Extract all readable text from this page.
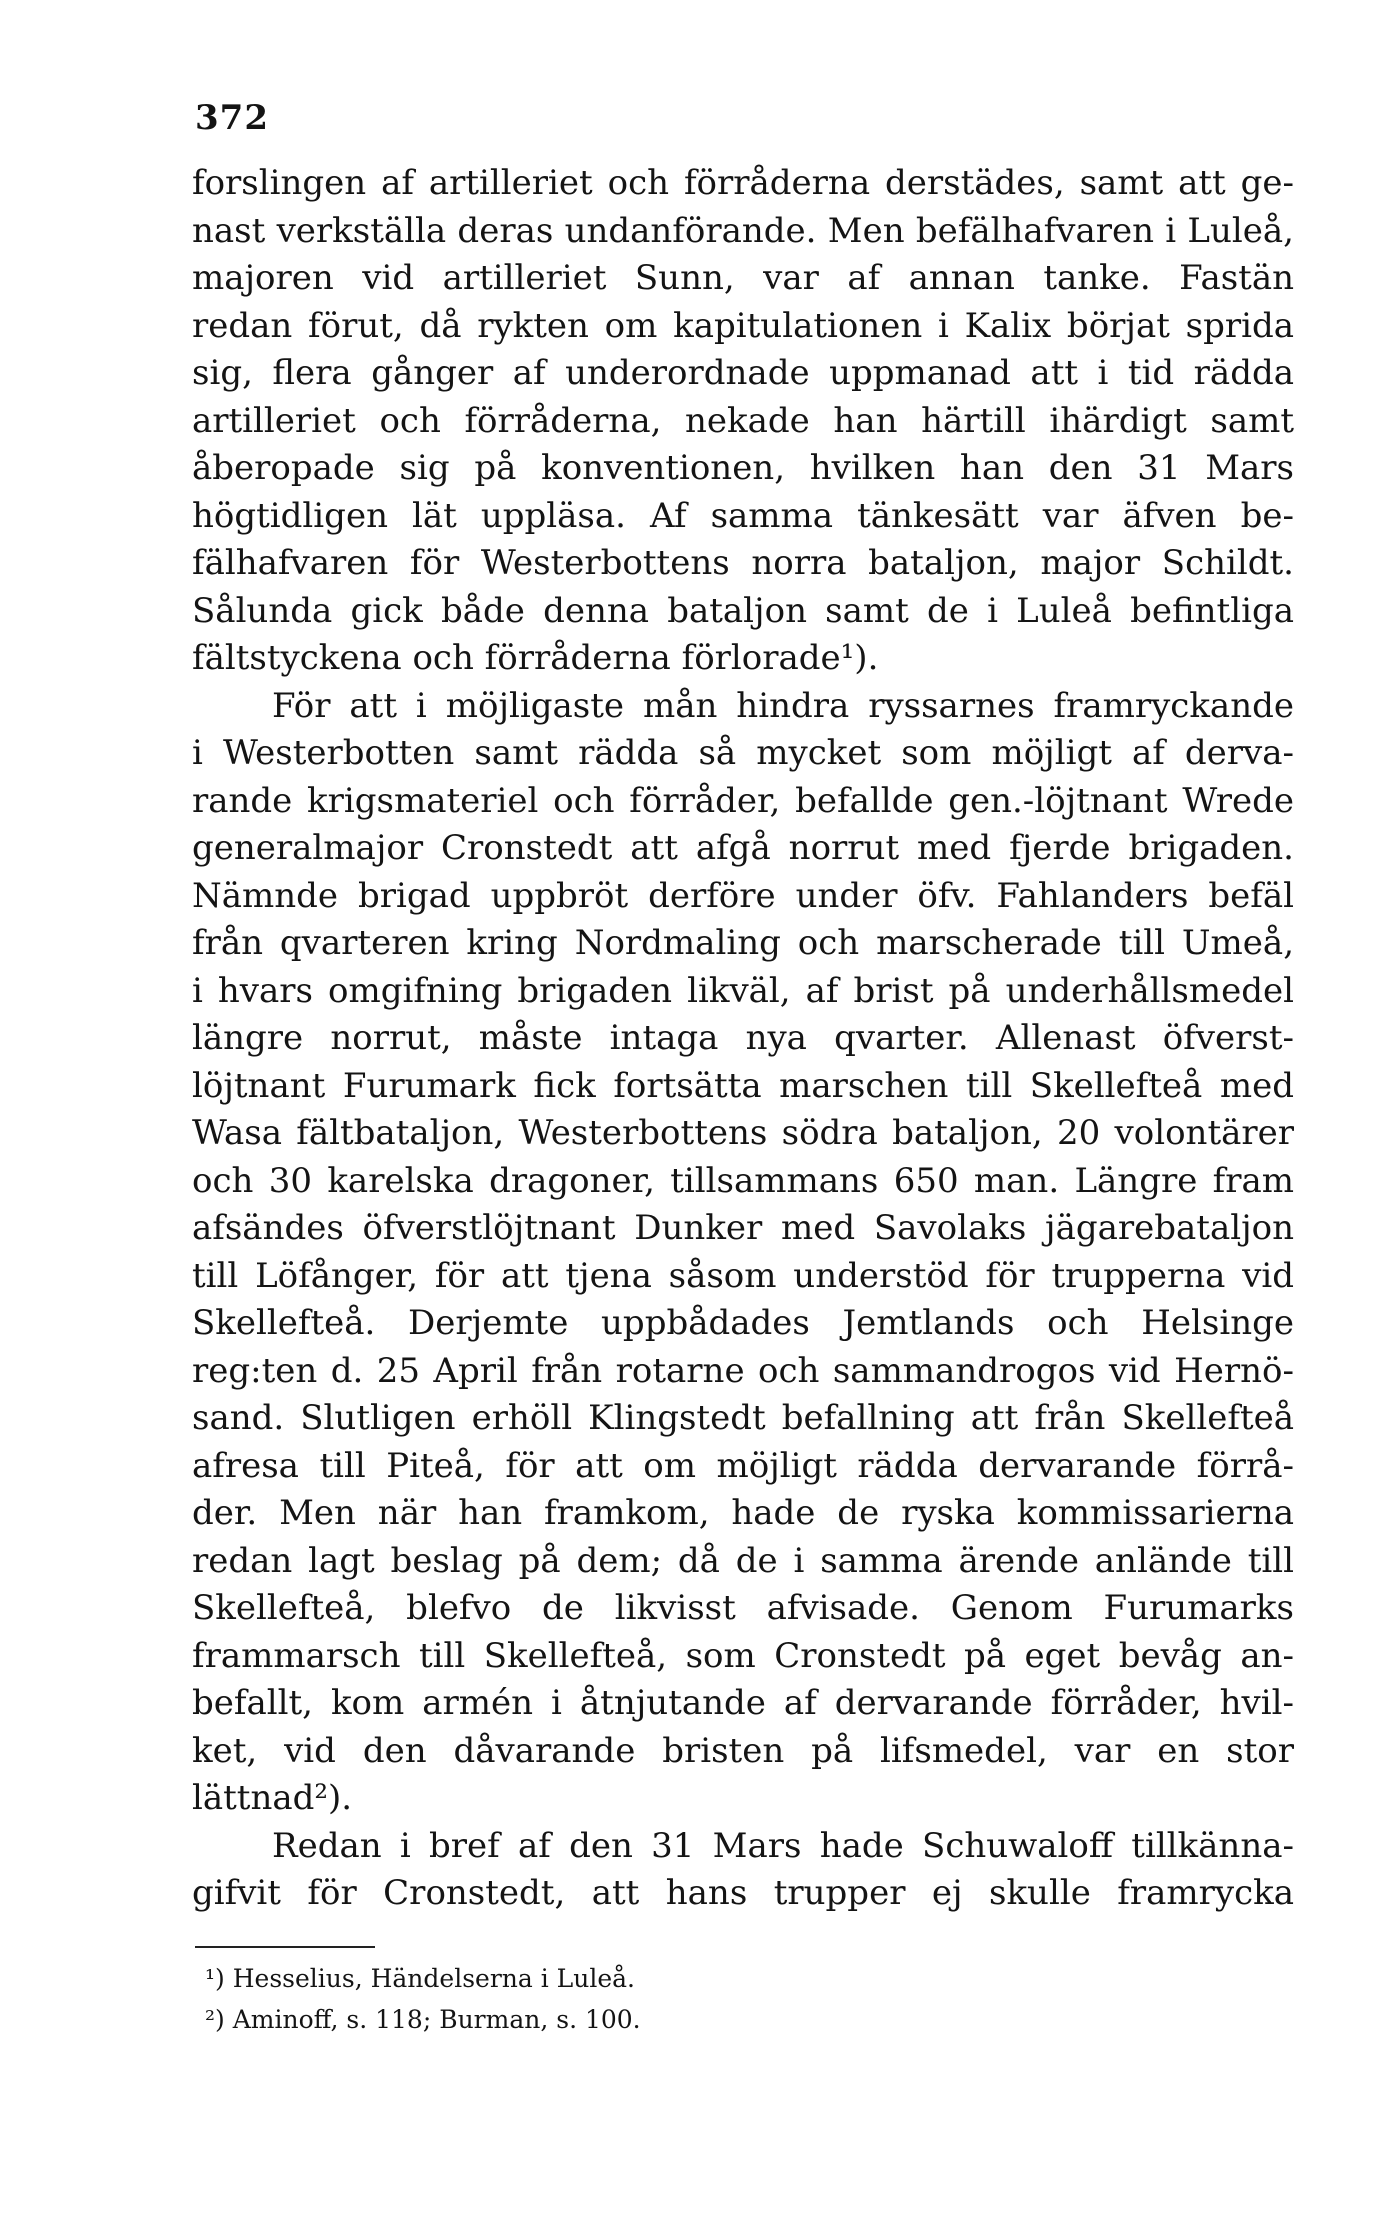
372
forslingen af artilleriet och förråderna derstädes, samt att ge-
nast verkställa deras undanförande. Men befälhafvaren i Luleå,
majoren vid artilleriet Sunn, var af annan tanke. Fastän
redan förut, då rykten om kapitulationen i Kalix börjat sprida
sig, flera gånger af underordnade uppmanad att i tid rädda
artilleriet och förråderna, nekade han härtill ihärdigt samt
åberopade sig på konventionen, hvilken han den 31 Mars
högtidligen lät uppläsa. Af samma tänkesätt var äfven be-
fälhafvaren för Westerbottens norra bataljon, major Schildt.
Sålunda gick både denna bataljon samt de i Luleå befintliga
fältstyckena och förråderna förlorade¹).
För att i möjligaste mån hindra ryssarnes framryckande
i Westerbotten samt rädda så mycket som möjligt af derva-
rande krigsmateriel och förråder, befallde gen.-löjtnant Wrede
generalmajor Cronstedt att afgå norrut med fjerde brigaden.
Nämnde brigad uppbröt derföre under öfv. Fahlanders befäl
från qvarteren kring Nordmaling och marscherade till Umeå,
i hvars omgifning brigaden likväl, af brist på underhållsmedel
längre norrut, måste intaga nya qvarter. Allenast öfverst-
löjtnant Furumark fick fortsätta marschen till Skellefteå med
Wasa fältbataljon, Westerbottens södra bataljon, 20 volontärer
och 30 karelska dragoner, tillsammans 650 man. Längre fram
afsändes öfverstlöjtnant Dunker med Savolaks jägarebataljon
till Löfånger, för att tjena såsom understöd för trupperna vid
Skellefteå. Derjemte uppbådades Jemtlands och Helsinge
reg:ten d. 25 April från rotarne och sammandrogos vid Hernö-
sand. Slutligen erhöll Klingstedt befallning att från Skellefteå
afresa till Piteå, för att om möjligt rädda dervarande förrå-
der. Men när han framkom, hade de ryska kommissarierna
redan lagt beslag på dem; då de i samma ärende anlände till
Skellefteå, blefvo de likvisst afvisade. Genom Furumarks
frammarsch till Skellefteå, som Cronstedt på eget bevåg an-
befallt, kom armén i åtnjutande af dervarande förråder, hvil-
ket, vid den dåvarande bristen på lifsmedel, var en stor
lättnad²).
Redan i bref af den 31 Mars hade Schuwaloff tillkänna-
gifvit för Cronstedt, att hans trupper ej skulle framrycka
¹) Hesselius, Händelserna i Luleå.
²) Aminoff, s. 118; Burman, s. 100.
